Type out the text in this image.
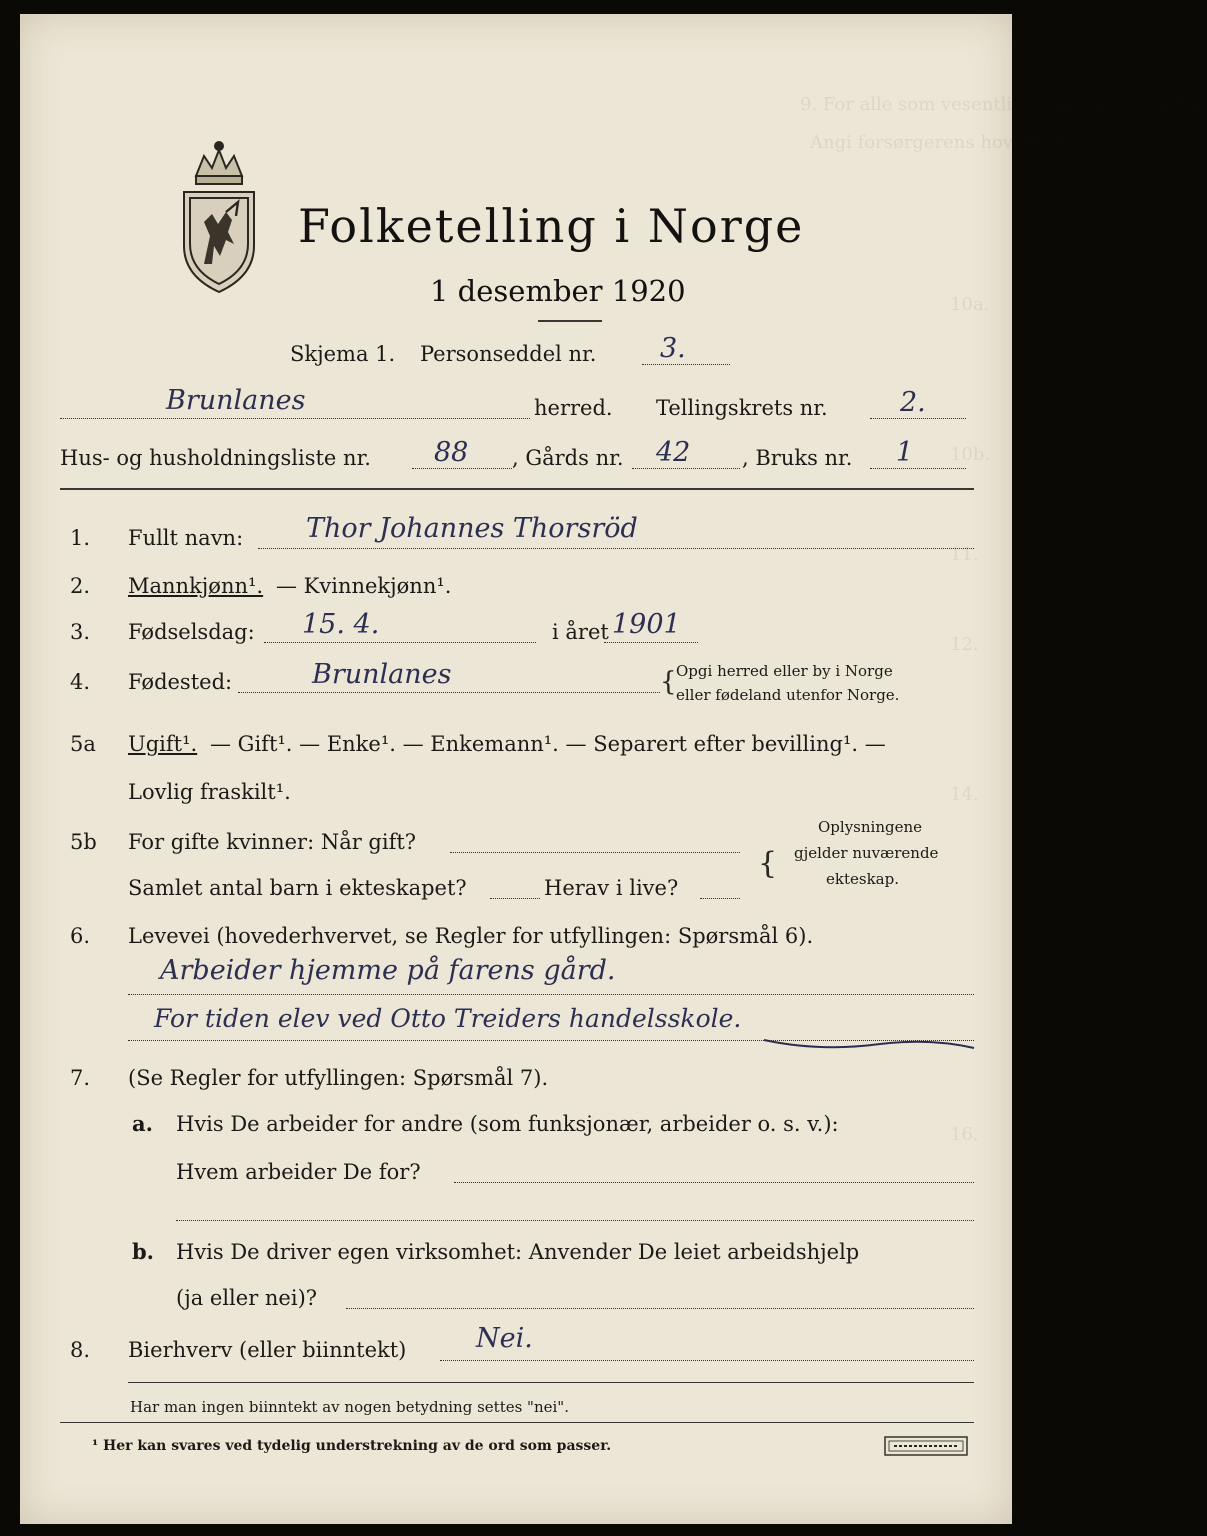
9. For alle som vesentlig forsørges av andre:
Angi forsørgerens hovederhverv
10a.
10b.
11.
12.
14.
16.
Folketelling i Norge
1 desember 1920
Skjema 1. Personseddel nr. 3.
Brunlanes	herred. Tellingskrets nr.	2.
Hus- og husholdningsliste nr. 88 , Gårds nr. 42 , Bruks nr. 1
1. Fullt navn: Thor Johannes Thorsröd
2. Mannkjønn¹. — Kvinnekjønn¹.
3. Fødselsdag: 15. 4.	i året 1901
4. Fødested:	Brunlanes	{ Opgi herred eller by i Norge
eller fødeland utenfor Norge.
5a Ugift¹. — Gift¹. — Enke¹. — Enkemann¹. — Separert efter bevilling¹. —
Lovlig fraskilt¹.
5b For gifte kvinner: Når gift?
Samlet antal barn i ekteskapet?	Herav i live?
{
Oplysningene
gjelder nuværende
ekteskap.
6. Levevei (hovederhvervet, se Regler for utfyllingen: Spørsmål 6).
Arbeider hjemme på farens gård.
For tiden elev ved Otto Treiders handelsskole.
7. (Se Regler for utfyllingen: Spørsmål 7).
a. Hvis De arbeider for andre (som funksjonær, arbeider o. s. v.):
Hvem arbeider De for?
b. Hvis De driver egen virksomhet: Anvender De leiet arbeidshjelp
(ja eller nei)?
8. Bierhverv (eller biinntekt)	Nei.
Har man ingen biinntekt av nogen betydning settes "nei".
¹ Her kan svares ved tydelig understrekning av de ord som passer.
